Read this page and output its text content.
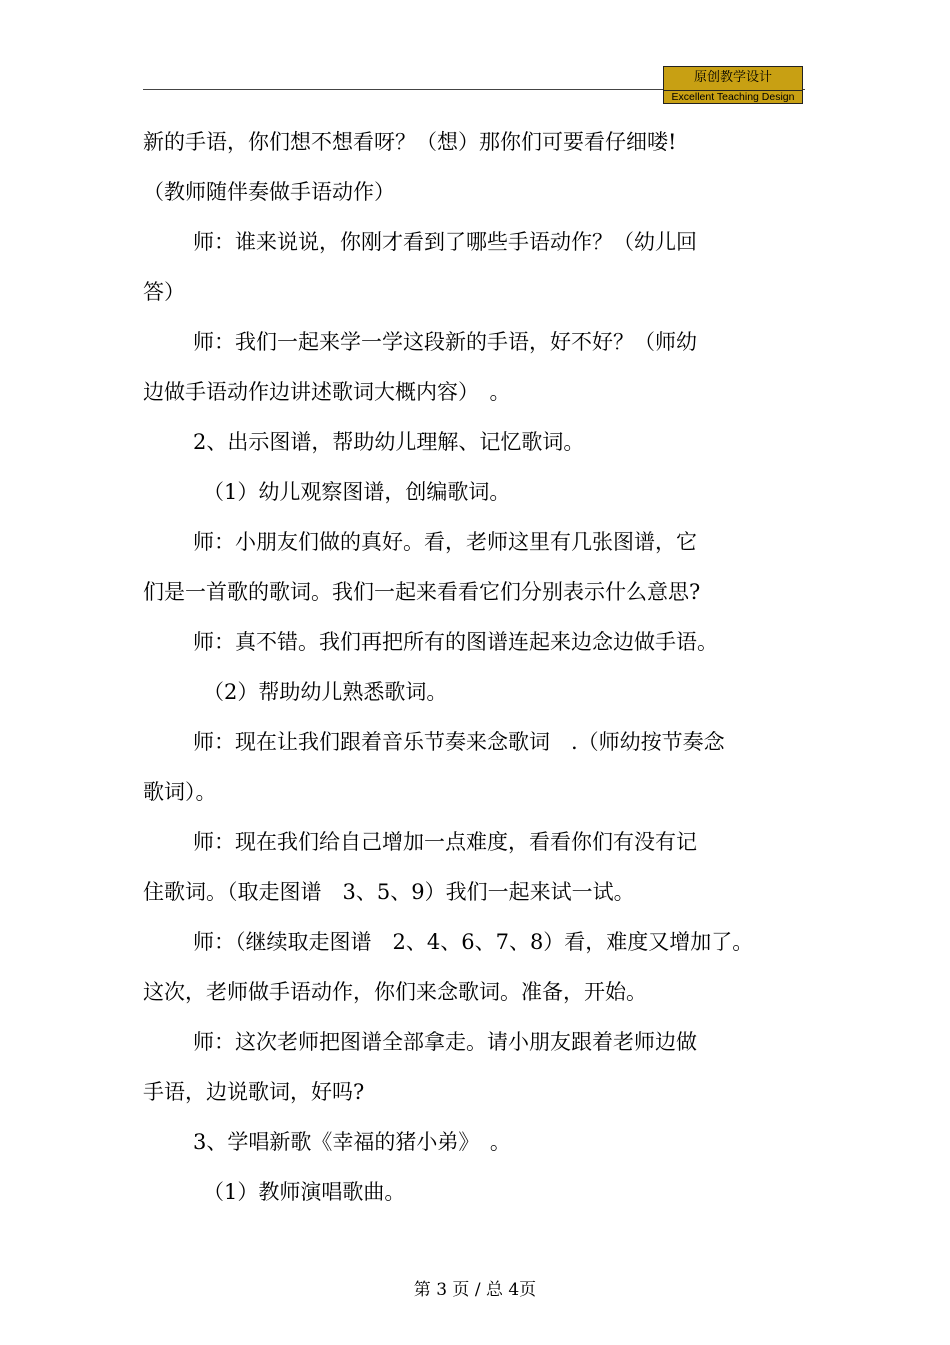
原创教学设计
Excellent Teaching Design
新的手语，你们想不想看呀？（想）那你们可要看仔细喽!
（教师随伴奏做手语动作）
师：谁来说说，你刚才看到了哪些手语动作？（幼儿回
答）
师：我们一起来学一学这段新的手语，好不好？（师幼
边做手语动作边讲述歌词大概内容）　。
2、出示图谱，帮助幼儿理解、记忆歌词。
（1）幼儿观察图谱，创编歌词。
师：小朋友们做的真好。看，老师这里有几张图谱，它
们是一首歌的歌词。我们一起来看看它们分别表示什么意思?
师：真不错。我们再把所有的图谱连起来边念边做手语。
（2）帮助幼儿熟悉歌词。
师：现在让我们跟着音乐节奏来念歌词　.（师幼按节奏念
歌词）。
师：现在我们给自己增加一点难度，看看你们有没有记
住歌词。（取走图谱　3、5、9）我们一起来试一试。
师：（继续取走图谱　2、4、6、7、8）看，难度又增加了。
这次，老师做手语动作，你们来念歌词。准备，开始。
师：这次老师把图谱全部拿走。请小朋友跟着老师边做
手语，边说歌词，好吗?
3、学唱新歌《幸福的猪小弟》　。
（1）教师演唱歌曲。
第 3 页 / 总 4页
